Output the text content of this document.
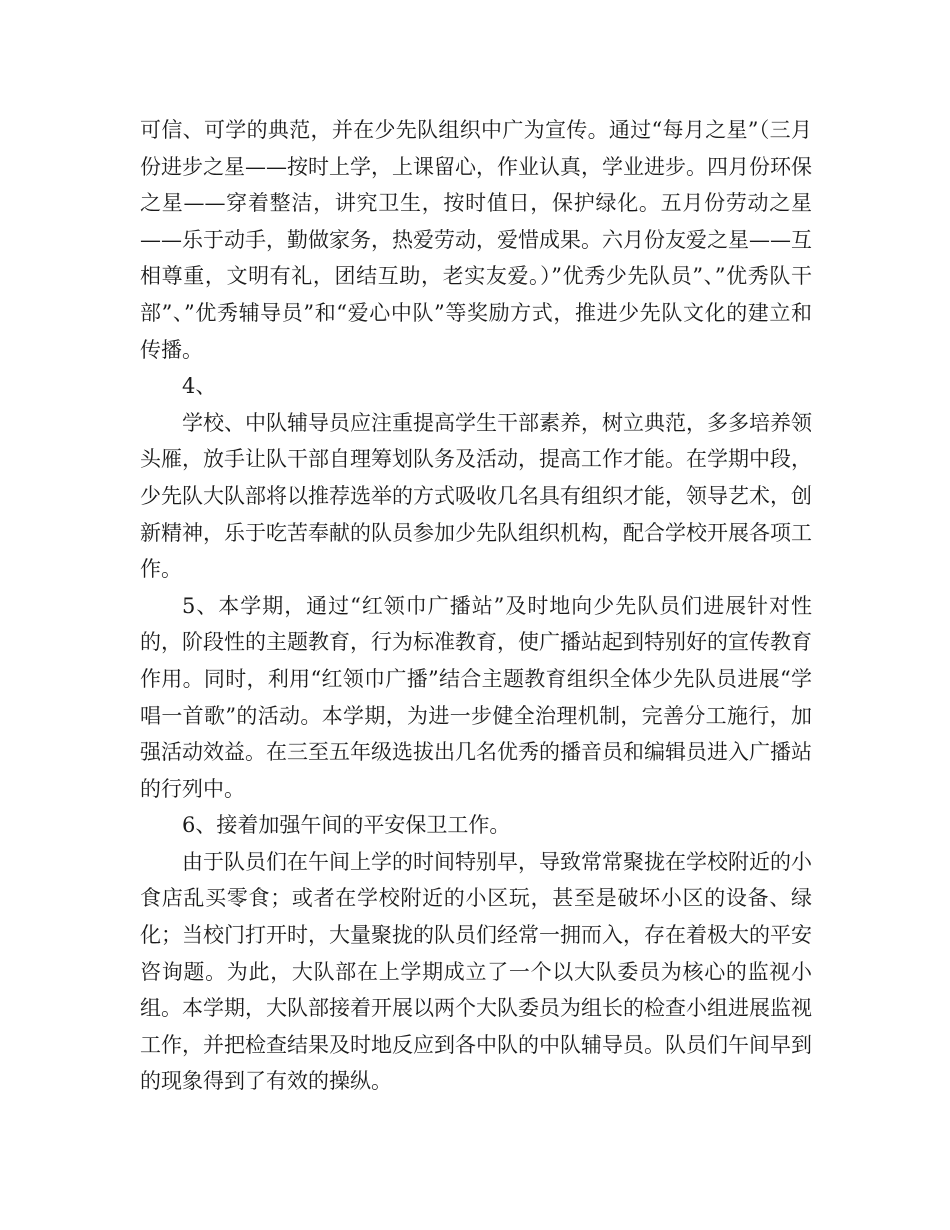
可信、可学的典范，并在少先队组织中广为宣传。通过“每月之星”（三月份进步之星——按时上学，上课留心，作业认真，学业进步。四月份环保之星——穿着整洁，讲究卫生，按时值日，保护绿化。五月份劳动之星——乐于动手，勤做家务，热爱劳动，爱惜成果。六月份友爱之星——互相尊重，文明有礼，团结互助，老实友爱。）”优秀少先队员”、”优秀队干部”、”优秀辅导员”和“爱心中队”等奖励方式，推进少先队文化的建立和传播。

4、

学校、中队辅导员应注重提高学生干部素养，树立典范，多多培养领头雁，放手让队干部自理筹划队务及活动，提高工作才能。在学期中段，少先队大队部将以推荐选举的方式吸收几名具有组织才能，领导艺术，创新精神，乐于吃苦奉献的队员参加少先队组织机构，配合学校开展各项工作。

5、本学期，通过“红领巾广播站”及时地向少先队员们进展针对性的，阶段性的主题教育，行为标准教育，使广播站起到特别好的宣传教育作用。同时，利用“红领巾广播”结合主题教育组织全体少先队员进展“学唱一首歌”的活动。本学期，为进一步健全治理机制，完善分工施行，加强活动效益。在三至五年级选拔出几名优秀的播音员和编辑员进入广播站的行列中。

6、接着加强午间的平安保卫工作。

由于队员们在午间上学的时间特别早，导致常常聚拢在学校附近的小食店乱买零食；或者在学校附近的小区玩，甚至是破坏小区的设备、绿化；当校门打开时，大量聚拢的队员们经常一拥而入，存在着极大的平安咨询题。为此，大队部在上学期成立了一个以大队委员为核心的监视小组。本学期，大队部接着开展以两个大队委员为组长的检查小组进展监视工作，并把检查结果及时地反应到各中队的中队辅导员。队员们午间早到的现象得到了有效的操纵。
